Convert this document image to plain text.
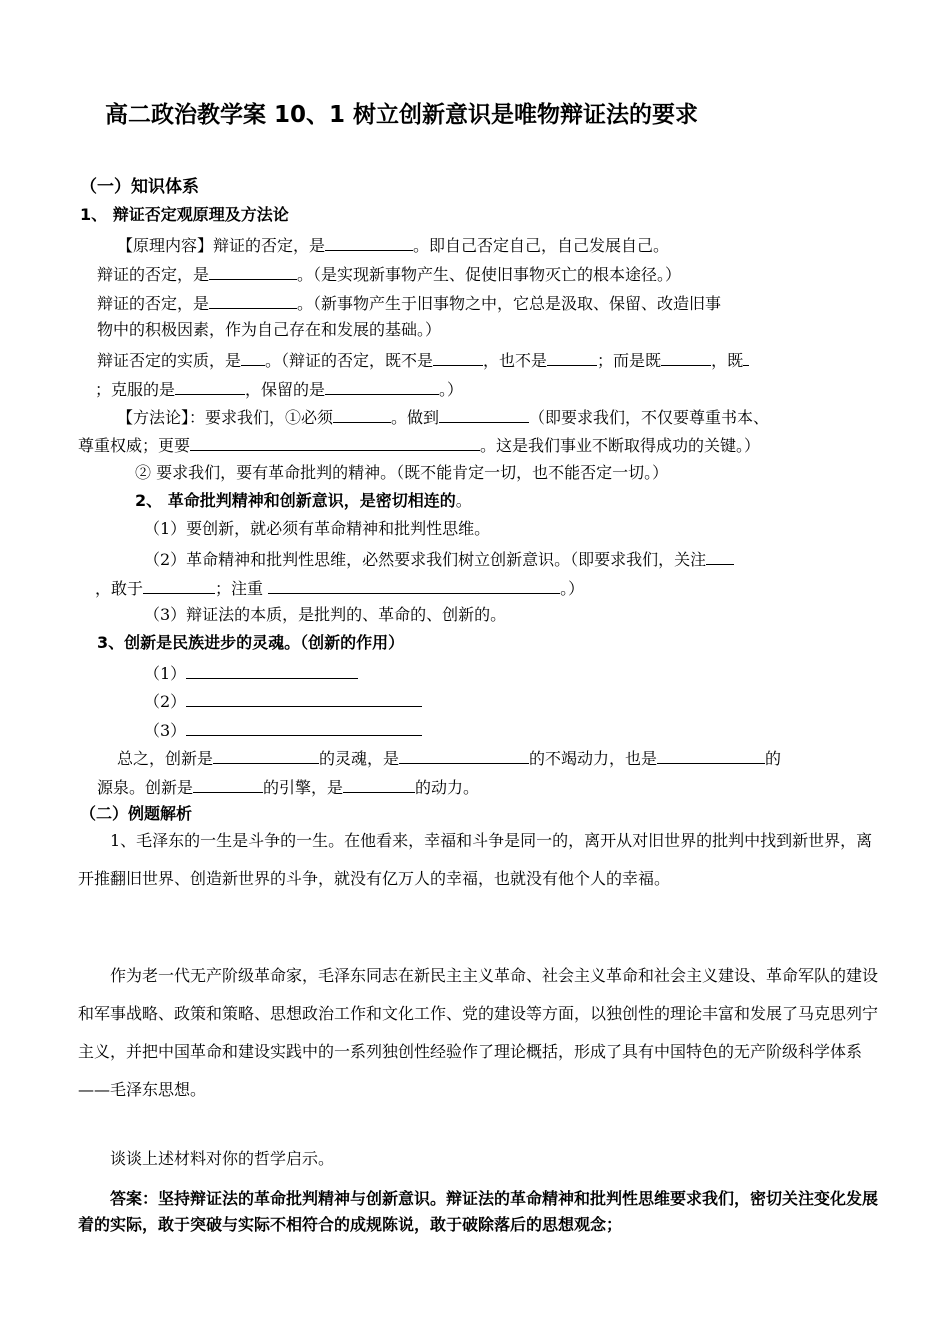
高二政治教学案 10、1 树立创新意识是唯物辩证法的要求
（一）知识体系
1、 辩证否定观原理及方法论
【原理内容】辩证的否定，是	。即自己否定自己，自己发展自己。
辩证的否定，是	。（是实现新事物产生、促使旧事物灭亡的根本途径。）
辩证的否定，是	。（新事物产生于旧事物之中，它总是汲取、保留、改造旧事
物中的积极因素，作为自己存在和发展的基础。）
辩证否定的实质，是 。（辩证的否定，既不是	，也不是	；而是既	，既
；克服的是	，保留的是	。）
【方法论】：要求我们，①必须	。做到	（即要求我们，不仅要尊重书本、
尊重权威；更要	。这是我们事业不断取得成功的关键。）
② 要求我们，要有革命批判的精神。（既不能肯定一切，也不能否定一切。）
2、 革命批判精神和创新意识，是密切相连的。
（1）要创新，就必须有革命精神和批判性思维。
（2）革命精神和批判性思维，必然要求我们树立创新意识。（即要求我们，关注
，敢于	；注重	。）
（3）辩证法的本质，是批判的、革命的、创新的。
3、创新是民族进步的灵魂。（创新的作用）
（1）
（2）
（3）
总之，创新是	的灵魂，是	的不竭动力，也是	的
源泉。创新是	的引擎，是	的动力。
（二）例题解析
1、毛泽东的一生是斗争的一生。在他看来，幸福和斗争是同一的，离开从对旧世界的批判中找到新世界，离开推翻旧世界、创造新世界的斗争，就没有亿万人的幸福，也就没有他个人的幸福。
作为老一代无产阶级革命家，毛泽东同志在新民主主义革命、社会主义革命和社会主义建设、革命军队的建设和军事战略、政策和策略、思想政治工作和文化工作、党的建设等方面，以独创性的理论丰富和发展了马克思列宁主义，并把中国革命和建设实践中的一系列独创性经验作了理论概括，形成了具有中国特色的无产阶级科学体系——毛泽东思想。
谈谈上述材料对你的哲学启示。
答案：坚持辩证法的革命批判精神与创新意识。辩证法的革命精神和批判性思维要求我们，密切关注变化发展着的实际，敢于突破与实际不相符合的成规陈说，敢于破除落后的思想观念；
